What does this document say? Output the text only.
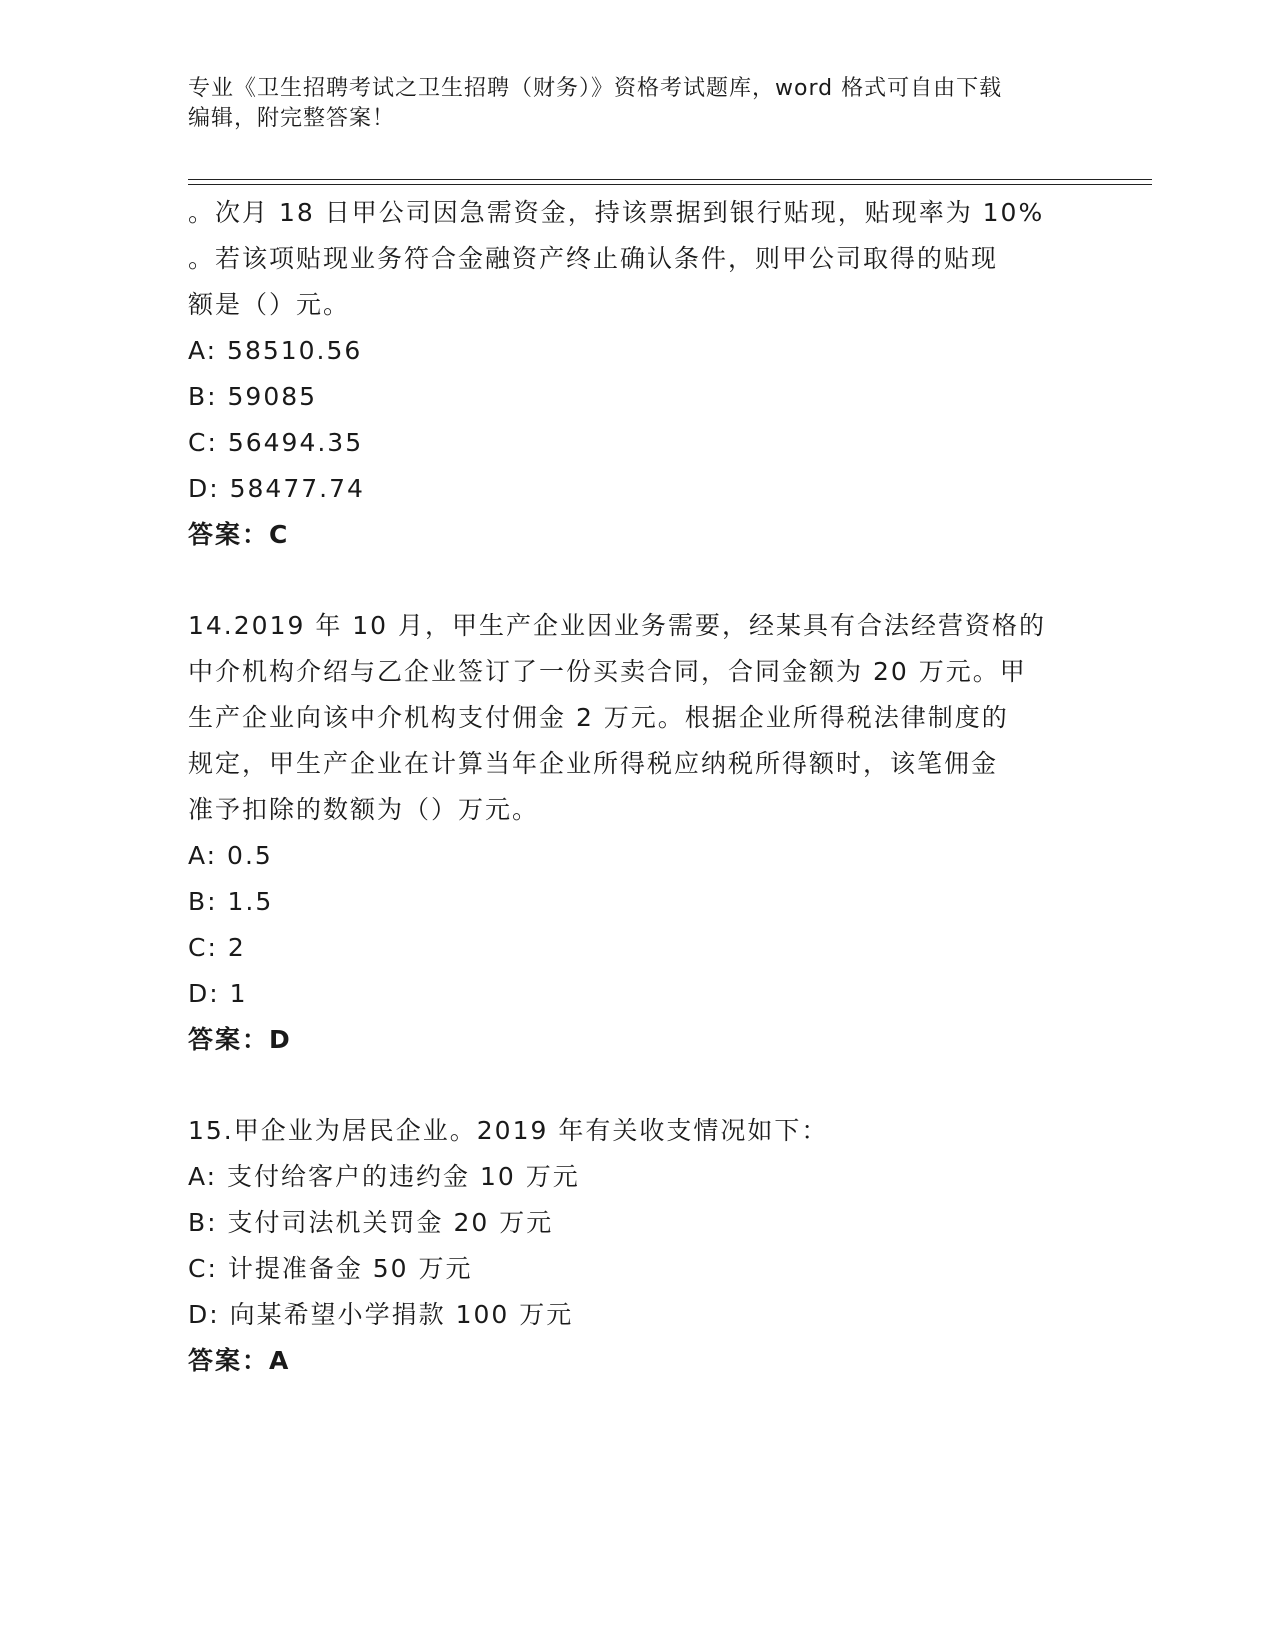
专业《卫生招聘考试之卫生招聘（财务）》资格考试题库，word 格式可自由下载
编辑，附完整答案！
。次月 18 日甲公司因急需资金，持该票据到银行贴现，贴现率为 10%
。若该项贴现业务符合金融资产终止确认条件，则甲公司取得的贴现
额是（）元。
A: 58510.56
B: 59085
C: 56494.35
D: 58477.74
答案：C
14.2019 年 10 月，甲生产企业因业务需要，经某具有合法经营资格的
中介机构介绍与乙企业签订了一份买卖合同，合同金额为 20 万元。甲
生产企业向该中介机构支付佣金 2 万元。根据企业所得税法律制度的
规定，甲生产企业在计算当年企业所得税应纳税所得额时，该笔佣金
准予扣除的数额为（）万元。
A: 0.5
B: 1.5
C: 2
D: 1
答案：D
15.甲企业为居民企业。2019 年有关收支情况如下：
A: 支付给客户的违约金 10 万元
B: 支付司法机关罚金 20 万元
C: 计提准备金 50 万元
D: 向某希望小学捐款 100 万元
答案：A
